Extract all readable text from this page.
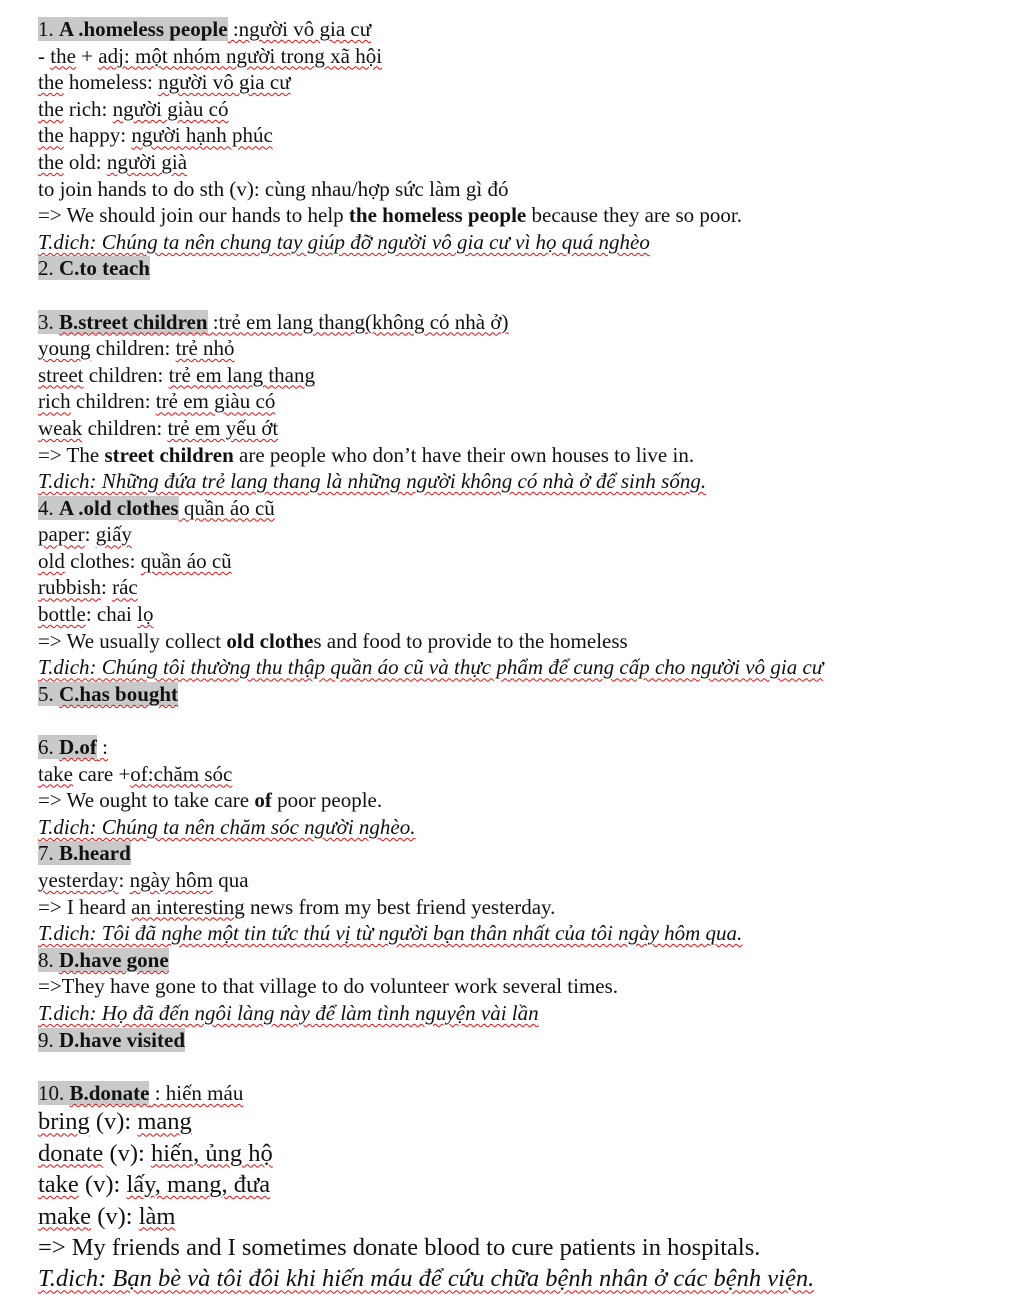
1. A .homeless people :người vô gia cư
- the + adj: một nhóm người trong xã hội
the homeless: người vô gia cư
the rich: người giàu có
the happy: người hạnh phúc
the old: người già
to join hands to do sth (v): cùng nhau/hợp sức làm gì đó
=> We should join our hands to help the homeless people because they are so poor.
T.dich: Chúng ta nên chung tay giúp đỡ người vô gia cư vì họ quá nghèo
2. C.to teach
3. B.street children :trẻ em lang thang(không có nhà ở)
young children: trẻ nhỏ
street children: trẻ em lang thang
rich children: trẻ em giàu có
weak children: trẻ em yếu ớt
=> The street children are people who don’t have their own houses to live in.
T.dich: Những đứa trẻ lang thang là những người không có nhà ở để sinh sống.
4. A .old clothes quần áo cũ
paper: giấy
old clothes: quần áo cũ
rubbish: rác
bottle: chai lọ
=> We usually collect old clothes and food to provide to the homeless
T.dich: Chúng tôi thường thu thập quần áo cũ và thực phẩm để cung cấp cho người vô gia cư
5. C.has bought
6. D.of :
take care +of:chăm sóc
=> We ought to take care of poor people.
T.dich: Chúng ta nên chăm sóc người nghèo.
7. B.heard
yesterday: ngày hôm qua
=> I heard an interesting news from my best friend yesterday.
T.dich: Tôi đã nghe một tin tức thú vị từ người bạn thân nhất của tôi ngày hôm qua.
8. D.have gone
=>They have gone to that village to do volunteer work several times.
T.dich: Họ đã đến ngôi làng này để làm tình nguyện vài lần
9. D.have visited
10. B.donate : hiến máu
bring (v): mang
donate (v): hiến, ủng hộ
take (v): lấy, mang, đưa
make (v): làm
=> My friends and I sometimes donate blood to cure patients in hospitals.
T.dich: Bạn bè và tôi đôi khi hiến máu để cứu chữa bệnh nhân ở các bệnh viện.
